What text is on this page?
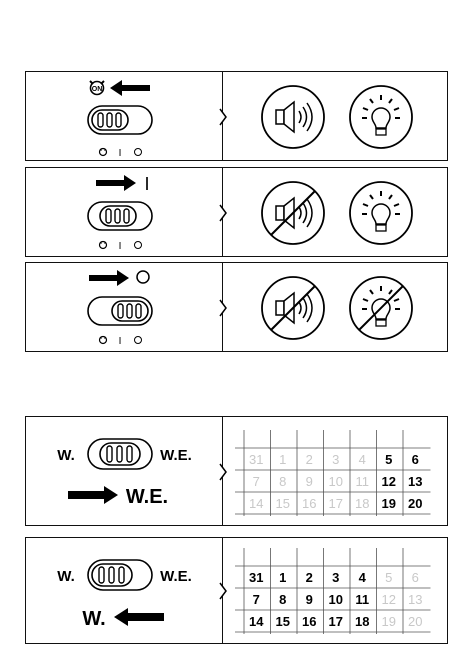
ON
I
I
I
I
W.	W.E.
W.E.
31 1 2 3 4 5 6
7 8 9 10 11 12 13
14 15 16 17 18 19 20
W.	W.E.
W.
31 1 2 3 4 5 6
7 8 9 10 11 12 13
14 15 16 17 18 19 20
